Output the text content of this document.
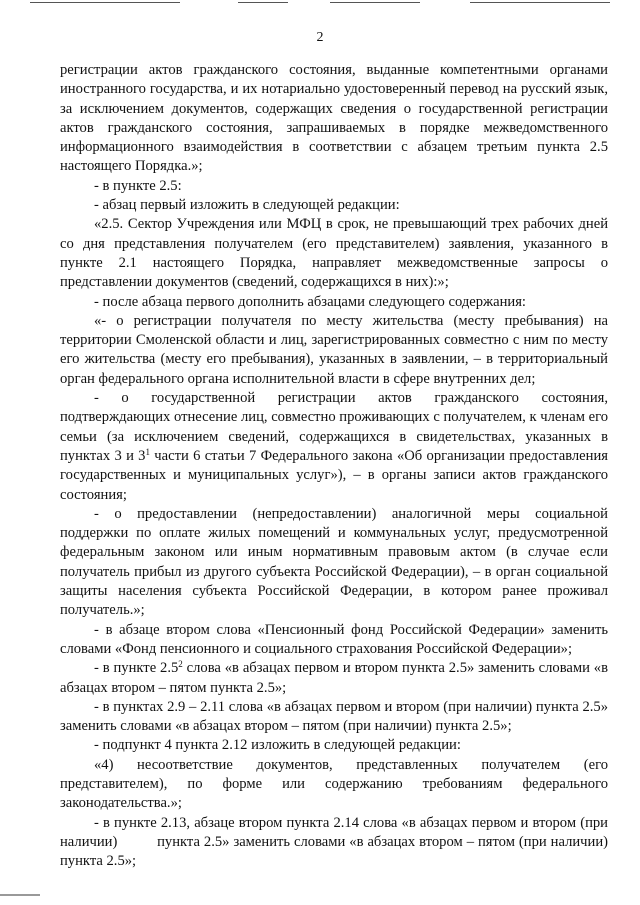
2

регистрации актов гражданского состояния, выданные компетентными органами иностранного государства, и их нотариально удостоверенный перевод на русский язык, за исключением документов, содержащих сведения о государственной регистрации актов гражданского состояния, запрашиваемых в порядке межведомственного информационного взаимодействия в соответствии с абзацем третьим пункта 2.5 настоящего Порядка.»;

- в пункте 2.5:

- абзац первый изложить в следующей редакции:

«2.5. Сектор Учреждения или МФЦ в срок, не превышающий трех рабочих дней со дня представления получателем (его представителем) заявления, указанного в пункте 2.1 настоящего Порядка, направляет межведомственные запросы о представлении документов (сведений, содержащихся в них):»;

- после абзаца первого дополнить абзацами следующего содержания:

«- о регистрации получателя по месту жительства (месту пребывания) на территории Смоленской области и лиц, зарегистрированных совместно с ним по месту его жительства (месту его пребывания), указанных в заявлении, – в территориальный орган федерального органа исполнительной власти в сфере внутренних дел;

- о государственной регистрации актов гражданского состояния, подтверждающих отнесение лиц, совместно проживающих с получателем, к членам его семьи (за исключением сведений, содержащихся в свидетельствах, указанных в пунктах 3 и $3^1$ части 6 статьи 7 Федерального закона «Об организации предоставления государственных и муниципальных услуг»), – в органы записи актов гражданского состояния;

- о предоставлении (непредоставлении) аналогичной меры социальной поддержки по оплате жилых помещений и коммунальных услуг, предусмотренной федеральным законом или иным нормативным правовым актом (в случае если получатель прибыл из другого субъекта Российской Федерации), – в орган социальной защиты населения субъекта Российской Федерации, в котором ранее проживал получатель.»;

- в абзаце втором слова «Пенсионный фонд Российской Федерации» заменить словами «Фонд пенсионного и социального страхования Российской Федерации»;

- в пункте $2.5^2$ слова «в абзацах первом и втором пункта 2.5» заменить словами «в абзацах втором – пятом пункта 2.5»;

- в пунктах 2.9 – 2.11 слова «в абзацах первом и втором (при наличии) пункта 2.5» заменить словами «в абзацах втором – пятом (при наличии) пункта 2.5»;

- подпункт 4 пункта 2.12 изложить в следующей редакции:

«4) несоответствие документов, представленных получателем (его представителем), по форме или содержанию требованиям федерального законодательства.»;

- в пункте 2.13, абзаце втором пункта 2.14 слова «в абзацах первом и втором (при наличии)          пункта 2.5» заменить словами «в абзацах втором – пятом (при наличии) пункта 2.5»;
